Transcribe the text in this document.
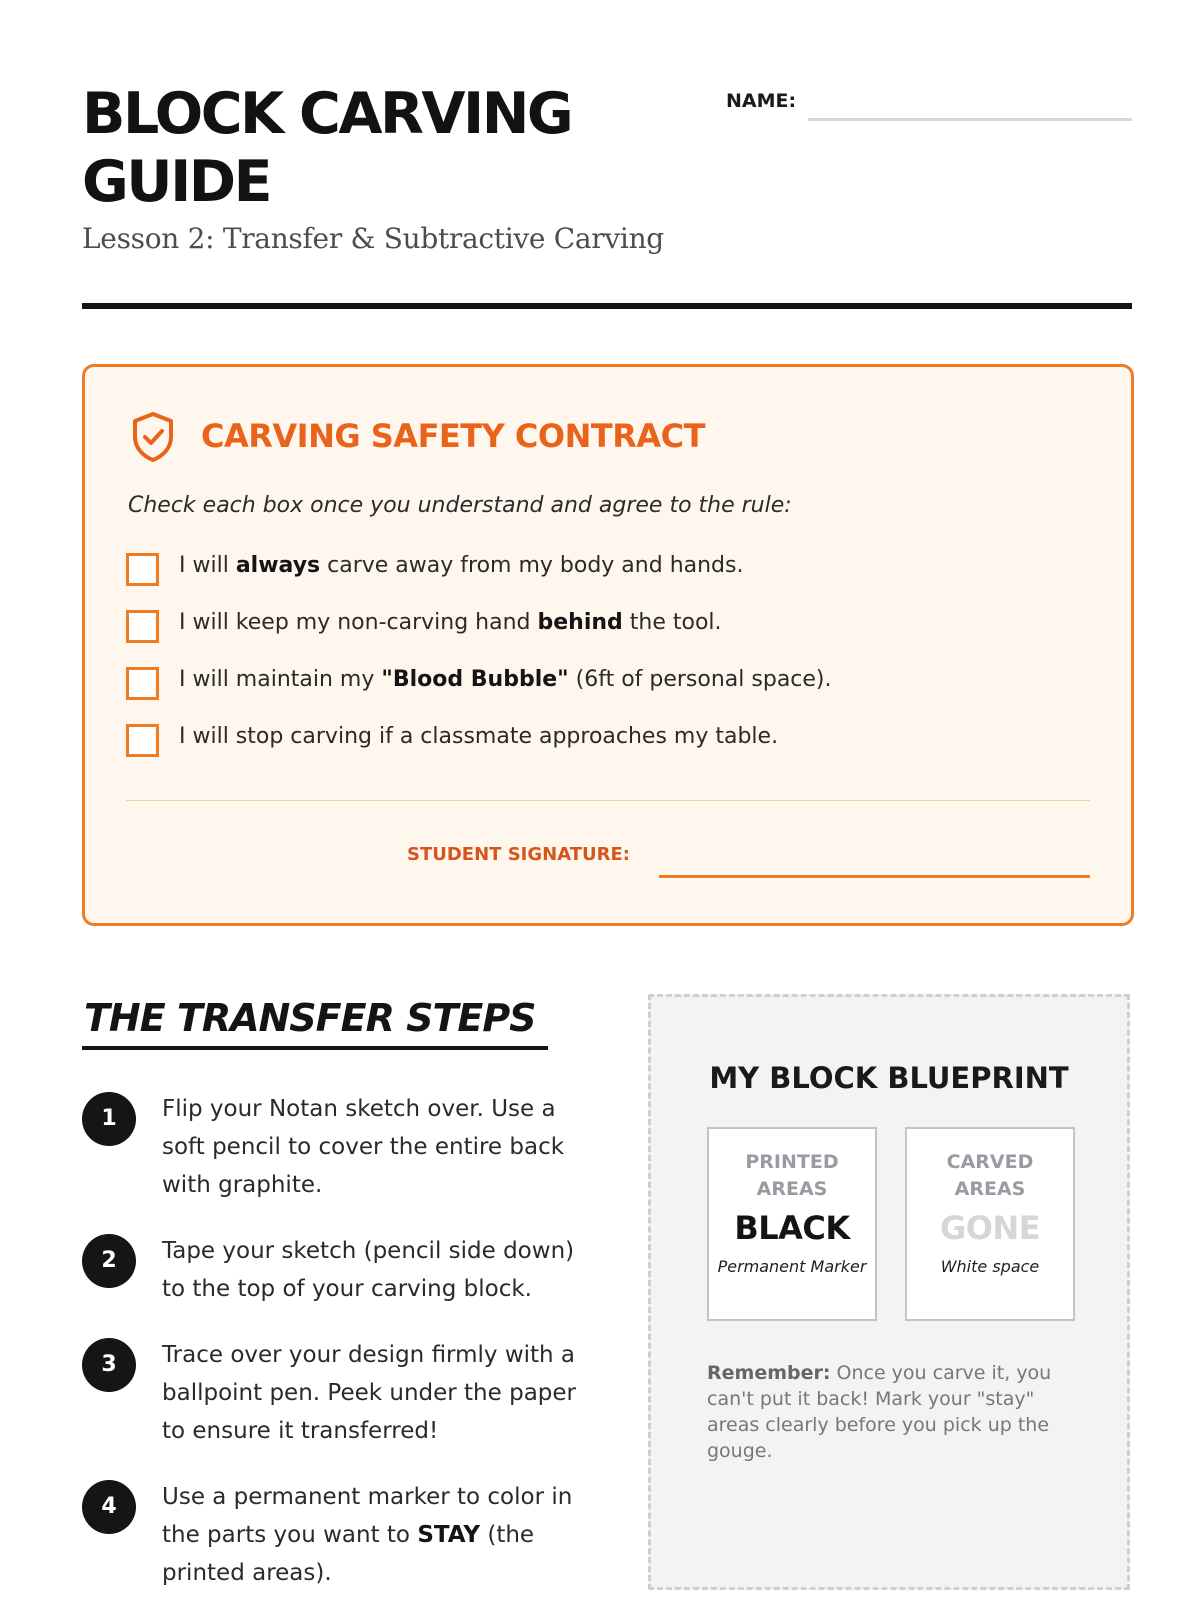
BLOCK CARVING GUIDE
Lesson 2: Transfer & Subtractive Carving
NAME:
CARVING SAFETY CONTRACT
Check each box once you understand and agree to the rule:
I will always carve away from my body and hands.
I will keep my non-carving hand behind the tool.
I will maintain my "Blood Bubble" (6ft of personal space).
I will stop carving if a classmate approaches my table.
STUDENT SIGNATURE:
THE TRANSFER STEPS
1	Flip your Notan sketch over. Use a soft pencil to cover the entire back with graphite.
2	Tape your sketch (pencil side down) to the top of your carving block.
3	Trace over your design firmly with a ballpoint pen. Peek under the paper to ensure it transferred!
4	Use a permanent marker to color in the parts you want to STAY (the printed areas).
MY BLOCK BLUEPRINT
PRINTED
AREAS
BLACK
Permanent Marker
CARVED
AREAS
GONE
White space
Remember: Once you carve it, you can't put it back! Mark your "stay" areas clearly before you pick up the gouge.
